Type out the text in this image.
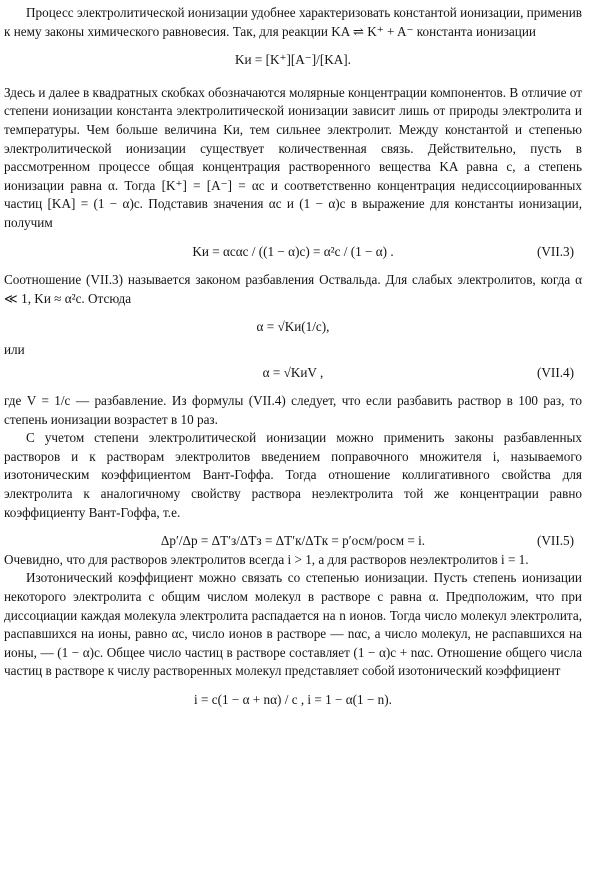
Процесс электролитической ионизации удобнее характеризовать константой ионизации, применив к нему законы химического равновесия. Так, для реакции KA ⇌ K⁺ + A⁻ константа ионизации

Kи = [K⁺][A⁻]/[KA].

Здесь и далее в квадратных скобках обозначаются молярные концентрации компонентов. В отличие от степени ионизации константа электролитической ионизации зависит лишь от природы электролита и температуры. Чем больше величина Kи, тем сильнее электролит. Между константой и степенью электролитической ионизации существует количественная связь. Действительно, пусть в рассмотренном процессе общая концентрация растворенного вещества KA равна c, а степень ионизации равна α. Тогда [K⁺] = [A⁻] = αc и соответственно концентрация недиссоциированных частиц [KA] = (1 − α)c. Подставив значения αc и (1 − α)c в выражение для константы ионизации, получим

Kи = αcαc / ((1 − α)c) = α²c / (1 − α) .	(VII.3)

Соотношение (VII.3) называется законом разбавления Оствальда. Для слабых электролитов, когда α ≪ 1, Kи ≈ α²c. Отсюда

α = √Kи(1/c),

или

α = √KиV ,	(VII.4)

где V = 1/c — разбавление. Из формулы (VII.4) следует, что если разбавить раствор в 100 раз, то степень ионизации возрастет в 10 раз.

С учетом степени электролитической ионизации можно применить законы разбавленных растворов и к растворам электролитов введением поправочного множителя i, называемого изотоническим коэффициентом Вант-Гоффа. Тогда отношение коллигативного свойства для электролита к аналогичному свойству раствора неэлектролита той же концентрации равно коэффициенту Вант-Гоффа, т.е.

Δp′/Δp = ΔT′з/ΔTз = ΔT′к/ΔTк = p′осм/pосм = i.	(VII.5)

Очевидно, что для растворов электролитов всегда i > 1, а для растворов неэлектролитов i = 1.

Изотонический коэффициент можно связать со степенью ионизации. Пусть степень ионизации некоторого электролита с общим числом молекул в растворе c равна α. Предположим, что при диссоциации каждая молекула электролита распадается на n ионов. Тогда число молекул электролита, распавшихся на ионы, равно αc, число ионов в растворе — nαc, а число молекул, не распавшихся на ионы, — (1 − α)c. Общее число частиц в растворе составляет (1 − α)c + nαc. Отношение общего числа частиц в растворе к числу растворенных молекул представляет собой изотонический коэффициент

i = c(1 − α + nα) / c , i = 1 − α(1 − n).
